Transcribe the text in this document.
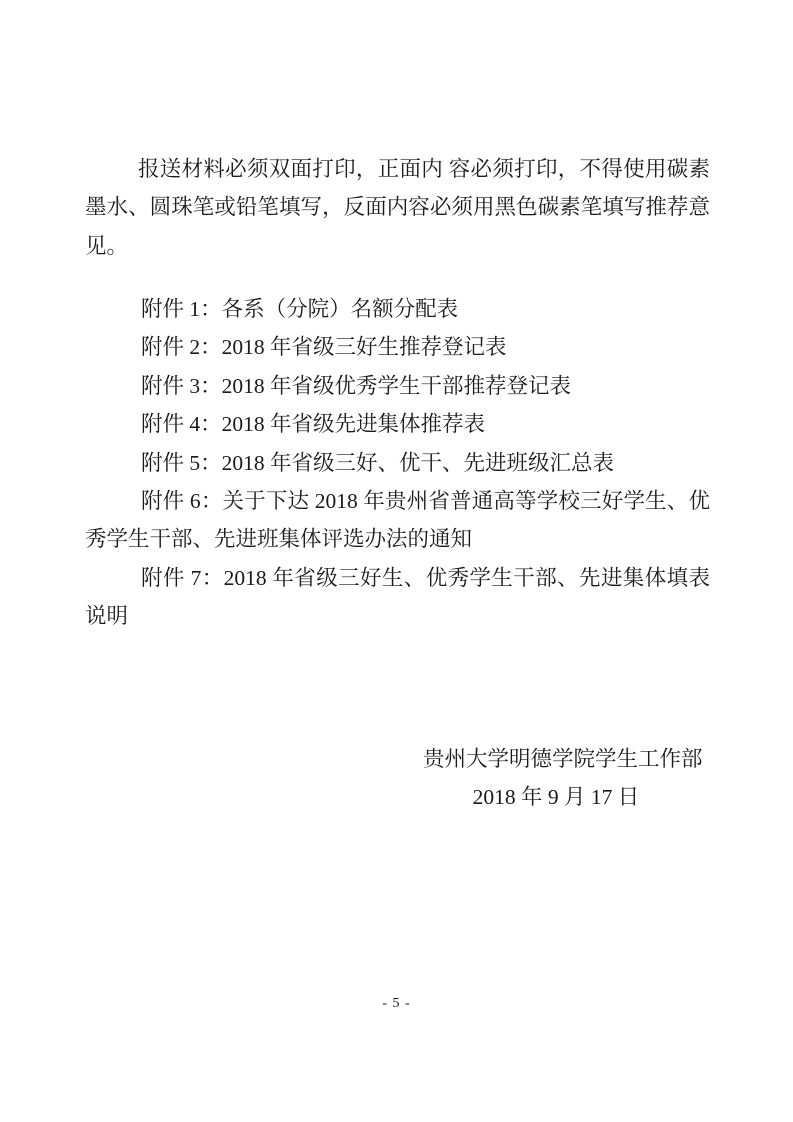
报送材料必须双面打印，正面内 容必须打印，不得使用碳素墨水、圆珠笔或铅笔填写，反面内容必须用黑色碳素笔填写推荐意见。

附件 1：各系（分院）名额分配表

附件 2：2018 年省级三好生推荐登记表

附件 3：2018 年省级优秀学生干部推荐登记表

附件 4：2018 年省级先进集体推荐表

附件 5：2018 年省级三好、优干、先进班级汇总表

附件 6：关于下达 2018 年贵州省普通高等学校三好学生、优秀学生干部、先进班集体评选办法的通知

附件 7：2018 年省级三好生、优秀学生干部、先进集体填表说明

贵州大学明德学院学生工作部
2018 年 9 月 17 日
- 5 -
